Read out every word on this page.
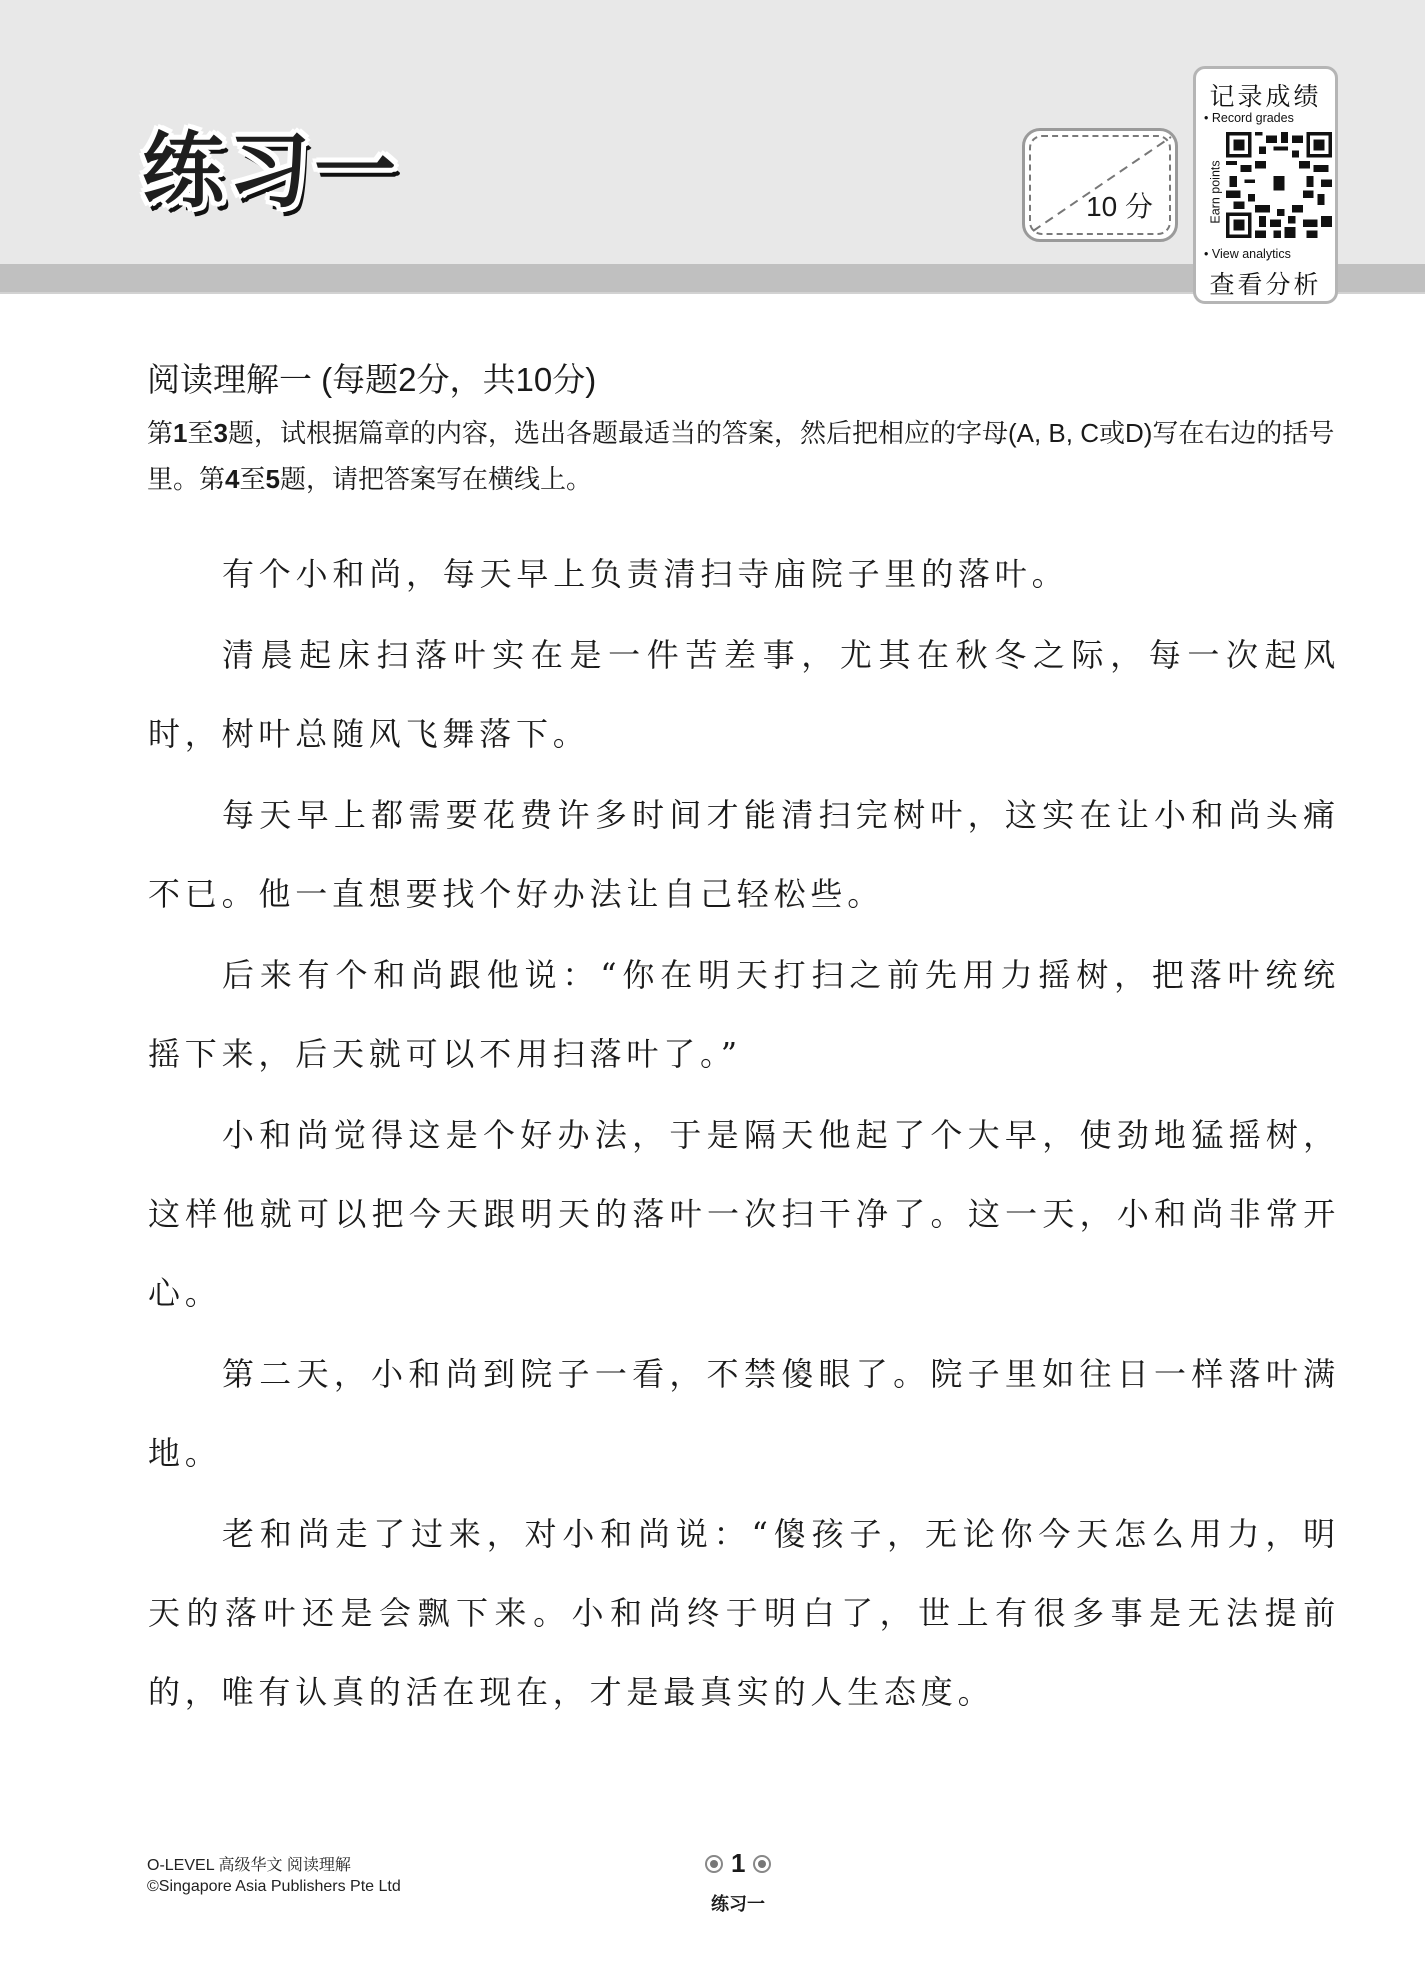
练习一	10 分
记录成绩
• Record grades
Earn points
• View analytics
查看分析
阅读理解一 (每题2分，共10分)
第1至3题，试根据篇章的内容，选出各题最适当的答案，然后把相应的字母(A, B, C或D)写在右边的括号里。第4至5题，请把答案写在横线上。

有个小和尚，每天早上负责清扫寺庙院子里的落叶。

清晨起床扫落叶实在是一件苦差事，尤其在秋冬之际，每一次起风时，树叶总随风飞舞落下。

每天早上都需要花费许多时间才能清扫完树叶，这实在让小和尚头痛不已。他一直想要找个好办法让自己轻松些。

后来有个和尚跟他说：“你在明天打扫之前先用力摇树，把落叶统统摇下来，后天就可以不用扫落叶了。”

小和尚觉得这是个好办法，于是隔天他起了个大早，使劲地猛摇树，这样他就可以把今天跟明天的落叶一次扫干净了。这一天，小和尚非常开心。

第二天，小和尚到院子一看，不禁傻眼了。院子里如往日一样落叶满地。

老和尚走了过来，对小和尚说：“傻孩子，无论你今天怎么用力，明天的落叶还是会飘下来。小和尚终于明白了，世上有很多事是无法提前的，唯有认真的活在现在，才是最真实的人生态度。

O-LEVEL 高级华文 阅读理解
©Singapore Asia Publishers Pte Ltd
1
练习一
